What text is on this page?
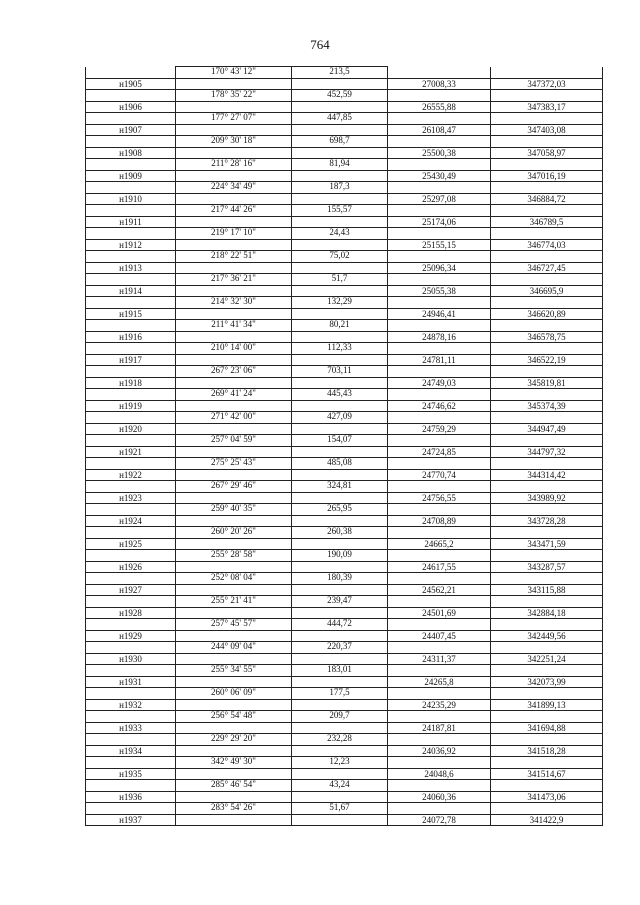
764
	170° 43' 12"	213,5		
н1905			27008,33	347372,03
	178° 35' 22"	452,59		
н1906			26555,88	347383,17
	177° 27' 07"	447,85		
н1907			26108,47	347403,08
	209° 30' 18"	698,7		
н1908			25500,38	347058,97
	211° 28' 16"	81,94		
н1909			25430,49	347016,19
	224° 34' 49"	187,3		
н1910			25297,08	346884,72
	217° 44' 26"	155,57		
н1911			25174,06	346789,5
	219° 17' 10"	24,43		
н1912			25155,15	346774,03
	218° 22' 51"	75,02		
н1913			25096,34	346727,45
	217° 36' 21"	51,7		
н1914			25055,38	346695,9
	214° 32' 30"	132,29		
н1915			24946,41	346620,89
	211° 41' 34"	80,21		
н1916			24878,16	346578,75
	210° 14' 00"	112,33		
н1917			24781,11	346522,19
	267° 23' 06"	703,11		
н1918			24749,03	345819,81
	269° 41' 24"	445,43		
н1919			24746,62	345374,39
	271° 42' 00"	427,09		
н1920			24759,29	344947,49
	257° 04' 59"	154,07		
н1921			24724,85	344797,32
	275° 25' 43"	485,08		
н1922			24770,74	344314,42
	267° 29' 46"	324,81		
н1923			24756,55	343989,92
	259° 40' 35"	265,95		
н1924			24708,89	343728,28
	260° 20' 26"	260,38		
н1925			24665,2	343471,59
	255° 28' 58"	190,09		
н1926			24617,55	343287,57
	252° 08' 04"	180,39		
н1927			24562,21	343115,88
	255° 21' 41"	239,47		
н1928			24501,69	342884,18
	257° 45' 57"	444,72		
н1929			24407,45	342449,56
	244° 09' 04"	220,37		
н1930			24311,37	342251,24
	255° 34' 55"	183,01		
н1931			24265,8	342073,99
	260° 06' 09"	177,5		
н1932			24235,29	341899,13
	256° 54' 48"	209,7		
н1933			24187,81	341694,88
	229° 29' 20"	232,28		
н1934			24036,92	341518,28
	342° 49' 30"	12,23		
н1935			24048,6	341514,67
	285° 46' 54"	43,24		
н1936			24060,36	341473,06
	283° 54' 26"	51,67		
н1937			24072,78	341422,9
